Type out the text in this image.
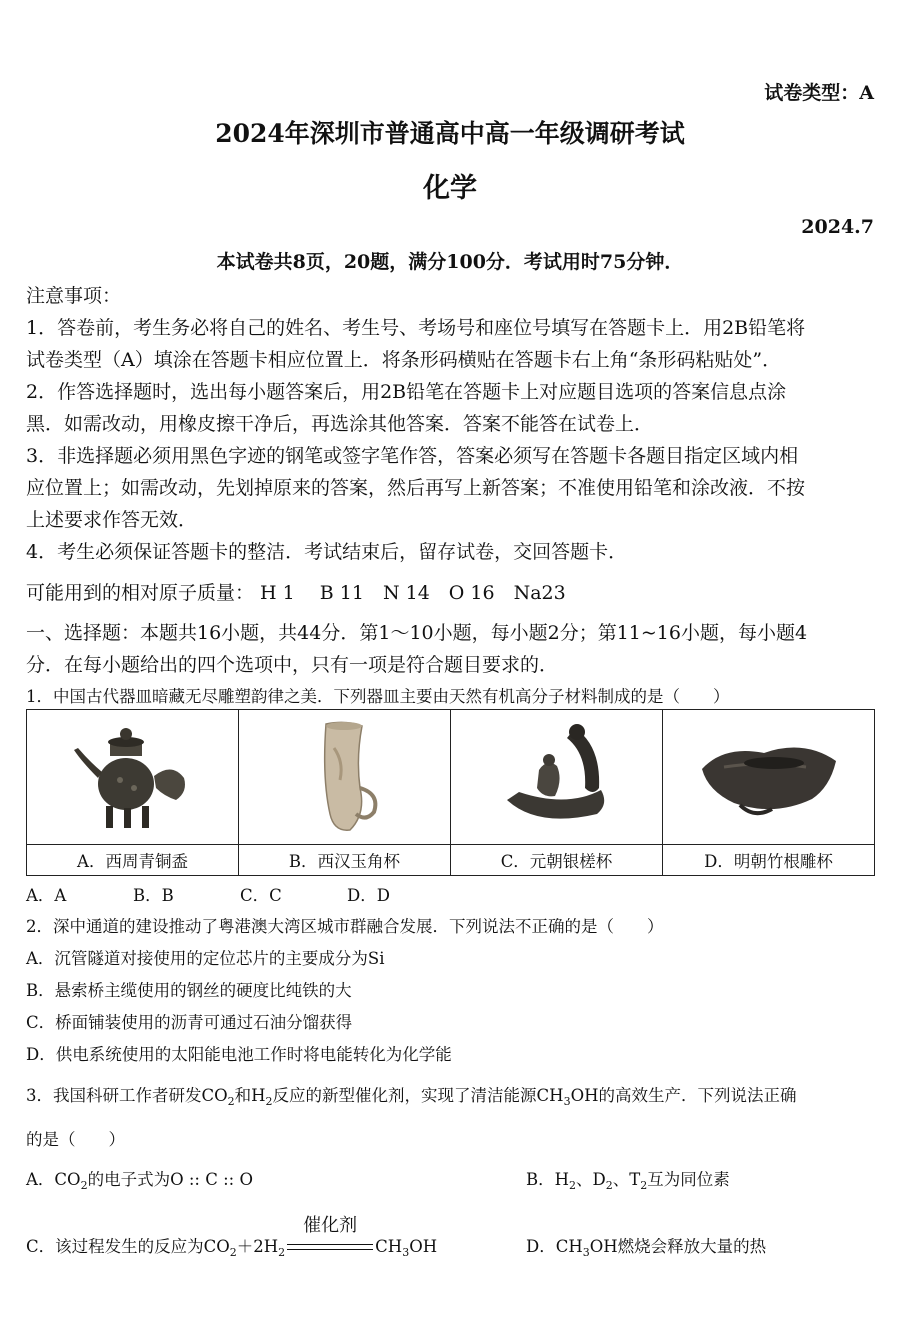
试卷类型：A
2024年深圳市普通高中高一年级调研考试
化学
2024.7
本试卷共8页，20题，满分100分．考试用时75分钟．
注意事项：
1．答卷前，考生务必将自己的姓名、考生号、考场号和座位号填写在答题卡上．用2B铅笔将
试卷类型（A）填涂在答题卡相应位置上．将条形码横贴在答题卡右上角“条形码粘贴处”．
2．作答选择题时，选出每小题答案后，用2B铅笔在答题卡上对应题目选项的答案信息点涂
黑．如需改动，用橡皮擦干净后，再选涂其他答案．答案不能答在试卷上．
3．非选择题必须用黑色字迹的钢笔或签字笔作答，答案必须写在答题卡各题目指定区域内相
应位置上；如需改动，先划掉原来的答案，然后再写上新答案；不准使用铅笔和涂改液．不按
上述要求作答无效．
4．考生必须保证答题卡的整洁．考试结束后，留存试卷，交回答题卡．
可能用到的相对原子质量： H 1　 B 11　N 14　O 16　Na23
一、选择题：本题共16小题，共44分．第1～10小题，每小题2分；第11~16小题，每小题4
分．在每小题给出的四个选项中，只有一项是符合题目要求的．
1．中国古代器皿暗藏无尽雕塑韵律之美．下列器皿主要由天然有机高分子材料制成的是（　　）

A．西周青铜盉	B．西汉玉角杯	C．元朝银槎杯	D．明朝竹根雕杯
A．A	B．B	C．C	D．D
2．深中通道的建设推动了粤港澳大湾区城市群融合发展．下列说法不正确的是（　　）
A．沉管隧道对接使用的定位芯片的主要成分为Si
B．悬索桥主缆使用的钢丝的硬度比纯铁的大
C．桥面铺装使用的沥青可通过石油分馏获得
D．供电系统使用的太阳能电池工作时将电能转化为化学能
3．我国科研工作者研发$CO_2$和$H_2$反应的新型催化剂，实现了清洁能源$CH_3OH$的高效生产．下列说法正确
的是（　　）
A．$CO_2$的电子式为O :: C :: O	B．$H_2$、$D_2$、$T_2$互为同位素
C．该过程发生的反应为$CO_2+2H_2$
催化剂
$CH_3OH$	D．$CH_3OH$燃烧会释放大量的热
